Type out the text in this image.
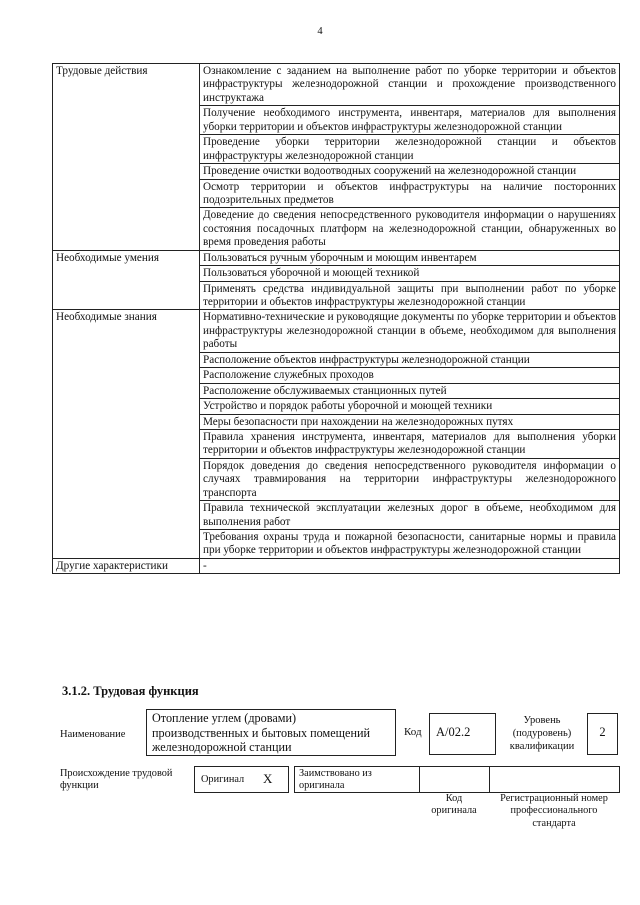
4
Трудовые действия	Ознакомление с заданием на выполнение работ по уборке территории и объектов инфраструктуры железнодорожной станции и прохождение производственного инструктажа
	Получение необходимого инструмента, инвентаря, материалов для выполнения уборки территории и объектов инфраструктуры железнодорожной станции
	Проведение уборки территории железнодорожной станции и объектов инфраструктуры железнодорожной станции
	Проведение очистки водоотводных сооружений на железнодорожной станции
	Осмотр территории и объектов инфраструктуры на наличие посторонних подозрительных предметов
	Доведение до сведения непосредственного руководителя информации о нарушениях состояния посадочных платформ на железнодорожной станции, обнаруженных во время проведения работы
Необходимые умения	Пользоваться ручным уборочным и моющим инвентарем
	Пользоваться уборочной и моющей техникой
	Применять средства индивидуальной защиты при выполнении работ по уборке территории и объектов инфраструктуры железнодорожной станции
Необходимые знания	Нормативно-технические и руководящие документы по уборке территории и объектов инфраструктуры железнодорожной станции в объеме, необходимом для выполнения работы
	Расположение объектов инфраструктуры железнодорожной станции
	Расположение служебных проходов
	Расположение обслуживаемых станционных путей
	Устройство и порядок работы уборочной и моющей техники
	Меры безопасности при нахождении на железнодорожных путях
	Правила хранения инструмента, инвентаря, материалов для выполнения уборки территории и объектов инфраструктуры железнодорожной станции
	Порядок доведения до сведения непосредственного руководителя информации о случаях травмирования на территории инфраструктуры железнодорожного транспорта
	Правила технической эксплуатации железных дорог в объеме, необходимом для выполнения работ
	Требования охраны труда и пожарной безопасности, санитарные нормы и правила при уборке территории и объектов инфраструктуры железнодорожной станции
Другие характеристики	-
3.1.2. Трудовая функция
Наименование
Отопление углем (дровами) производственных и бытовых помещений железнодорожной станции
Код	А/02.2
Уровень (подуровень) квалификации
2
Происхождение трудовой функции
Оригинал X	Заимствовано из оригинала
Код оригинала
Регистрационный номер профессионального стандарта
